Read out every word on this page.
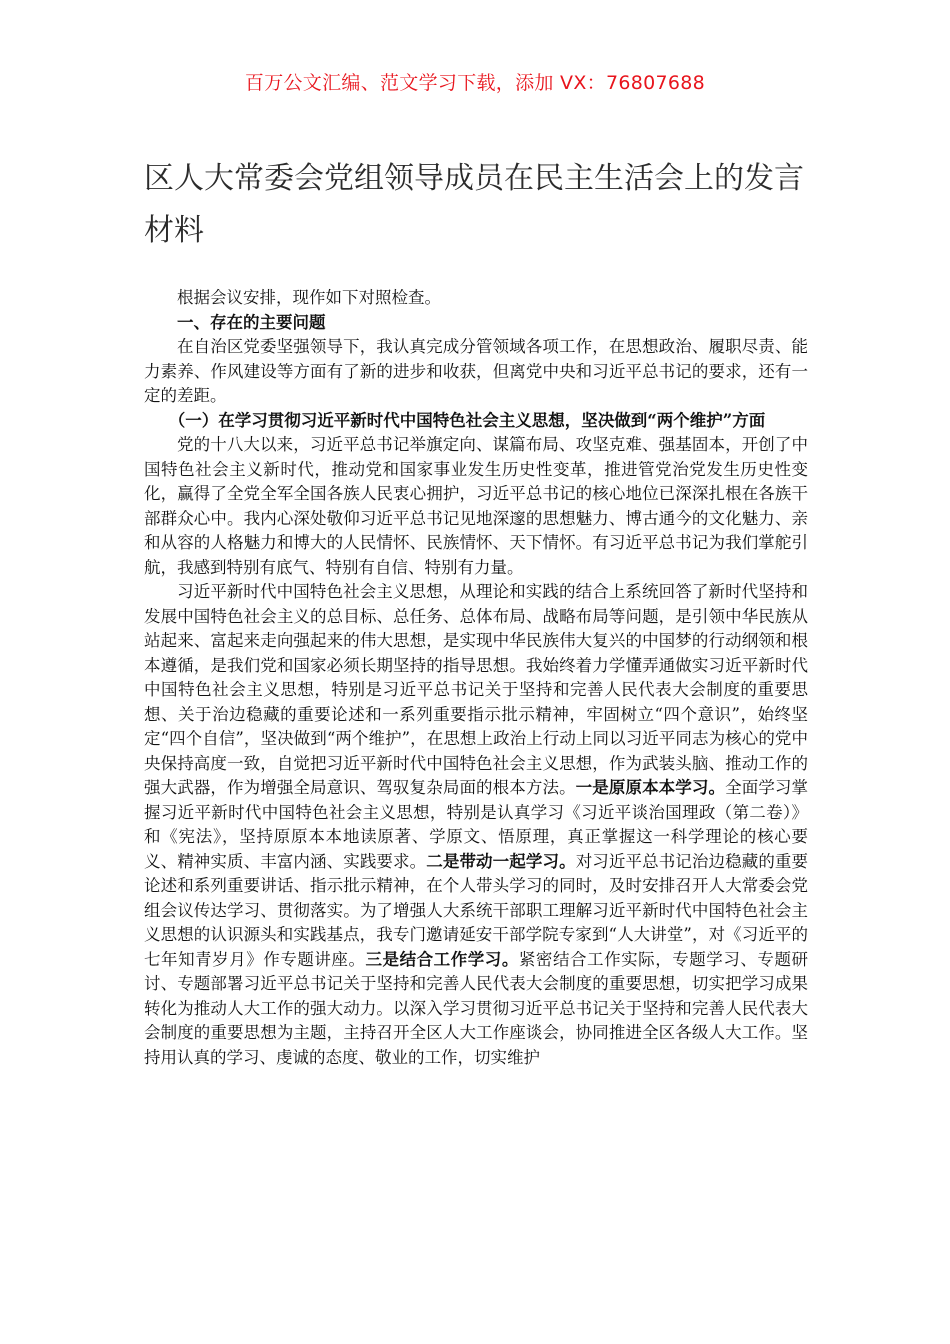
百万公文汇编、范文学习下载，添加 VX：76807688
区人大常委会党组领导成员在民主生活会上的发言材料

根据会议安排，现作如下对照检查。

一、存在的主要问题

在自治区党委坚强领导下，我认真完成分管领域各项工作，在思想政治、履职尽责、能力素养、作风建设等方面有了新的进步和收获，但离党中央和习近平总书记的要求，还有一定的差距。

（一）在学习贯彻习近平新时代中国特色社会主义思想，坚决做到“两个维护”方面

党的十八大以来，习近平总书记举旗定向、谋篇布局、攻坚克难、强基固本，开创了中国特色社会主义新时代，推动党和国家事业发生历史性变革，推进管党治党发生历史性变化，赢得了全党全军全国各族人民衷心拥护，习近平总书记的核心地位已深深扎根在各族干部群众心中。我内心深处敬仰习近平总书记见地深邃的思想魅力、博古通今的文化魅力、亲和从容的人格魅力和博大的人民情怀、民族情怀、天下情怀。有习近平总书记为我们掌舵引航，我感到特别有底气、特别有自信、特别有力量。

习近平新时代中国特色社会主义思想，从理论和实践的结合上系统回答了新时代坚持和发展中国特色社会主义的总目标、总任务、总体布局、战略布局等问题，是引领中华民族从站起来、富起来走向强起来的伟大思想，是实现中华民族伟大复兴的中国梦的行动纲领和根本遵循，是我们党和国家必须长期坚持的指导思想。我始终着力学懂弄通做实习近平新时代中国特色社会主义思想，特别是习近平总书记关于坚持和完善人民代表大会制度的重要思想、关于治边稳藏的重要论述和一系列重要指示批示精神，牢固树立“四个意识”，始终坚定“四个自信”，坚决做到“两个维护”，在思想上政治上行动上同以习近平同志为核心的党中央保持高度一致，自觉把习近平新时代中国特色社会主义思想，作为武装头脑、推动工作的强大武器，作为增强全局意识、驾驭复杂局面的根本方法。一是原原本本学习。全面学习掌握习近平新时代中国特色社会主义思想，特别是认真学习《习近平谈治国理政（第二卷）》和《宪法》，坚持原原本本地读原著、学原文、悟原理，真正掌握这一科学理论的核心要义、精神实质、丰富内涵、实践要求。二是带动一起学习。对习近平总书记治边稳藏的重要论述和系列重要讲话、指示批示精神，在个人带头学习的同时，及时安排召开人大常委会党组会议传达学习、贯彻落实。为了增强人大系统干部职工理解习近平新时代中国特色社会主义思想的认识源头和实践基点，我专门邀请延安干部学院专家到“人大讲堂”，对《习近平的七年知青岁月》作专题讲座。三是结合工作学习。紧密结合工作实际，专题学习、专题研讨、专题部署习近平总书记关于坚持和完善人民代表大会制度的重要思想，切实把学习成果转化为推动人大工作的强大动力。以深入学习贯彻习近平总书记关于坚持和完善人民代表大会制度的重要思想为主题，主持召开全区人大工作座谈会，协同推进全区各级人大工作。坚持用认真的学习、虔诚的态度、敬业的工作，切实维护
